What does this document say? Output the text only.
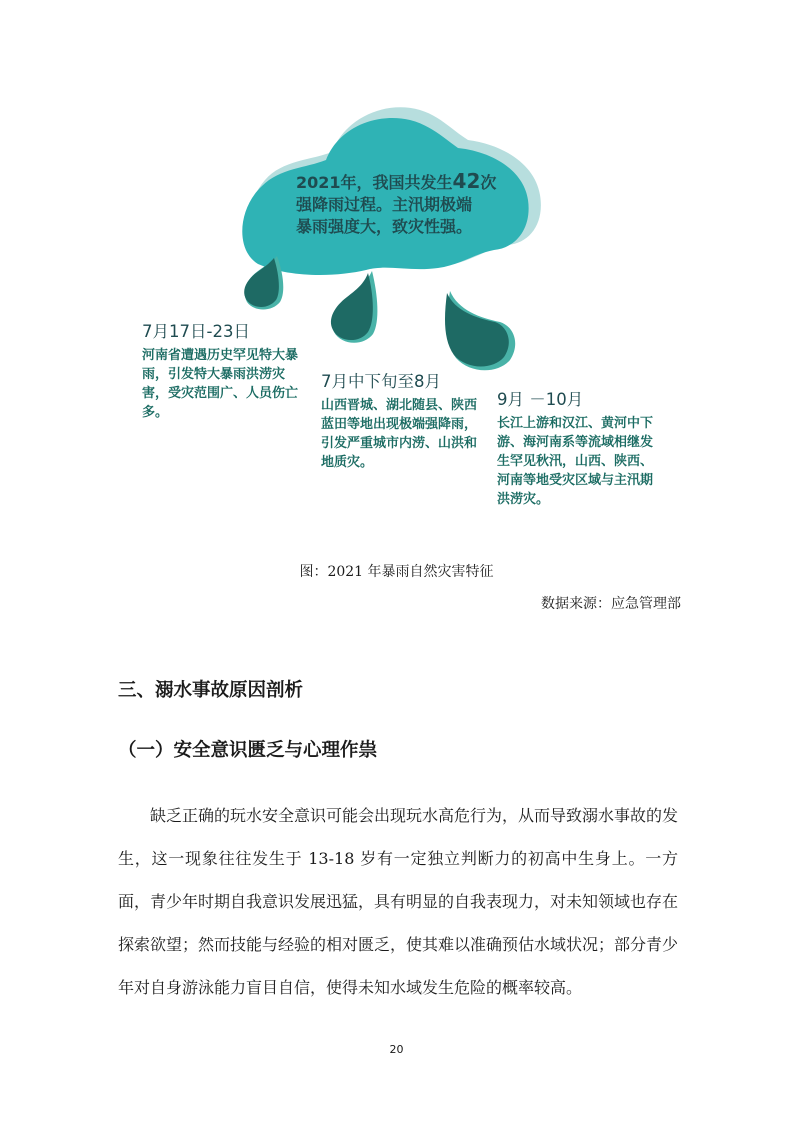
2021年，我国共发生42次
强降雨过程。主汛期极端
暴雨强度大，致灾性强。
7月17日-23日
河南省遭遇历史罕见特大暴雨，引发特大暴雨洪涝灾害，受灾范围广、人员伤亡多。
7月中下旬至8月
山西晋城、湖北随县、陕西蓝田等地出现极端强降雨，引发严重城市内涝、山洪和地质灾。
9月 －10月
长江上游和汉江、黄河中下游、海河南系等流域相继发生罕见秋汛，山西、陕西、河南等地受灾区域与主汛期洪涝灾。
图：2021 年暴雨自然灾害特征
数据来源：应急管理部
三、溺水事故原因剖析
（一）安全意识匮乏与心理作祟
缺乏正确的玩水安全意识可能会出现玩水高危行为，从而导致溺水事故的发生，这一现象往往发生于 13-18 岁有一定独立判断力的初高中生身上。一方面，青少年时期自我意识发展迅猛，具有明显的自我表现力，对未知领域也存在探索欲望；然而技能与经验的相对匮乏，使其难以准确预估水域状况；部分青少年对自身游泳能力盲目自信，使得未知水域发生危险的概率较高。
20
